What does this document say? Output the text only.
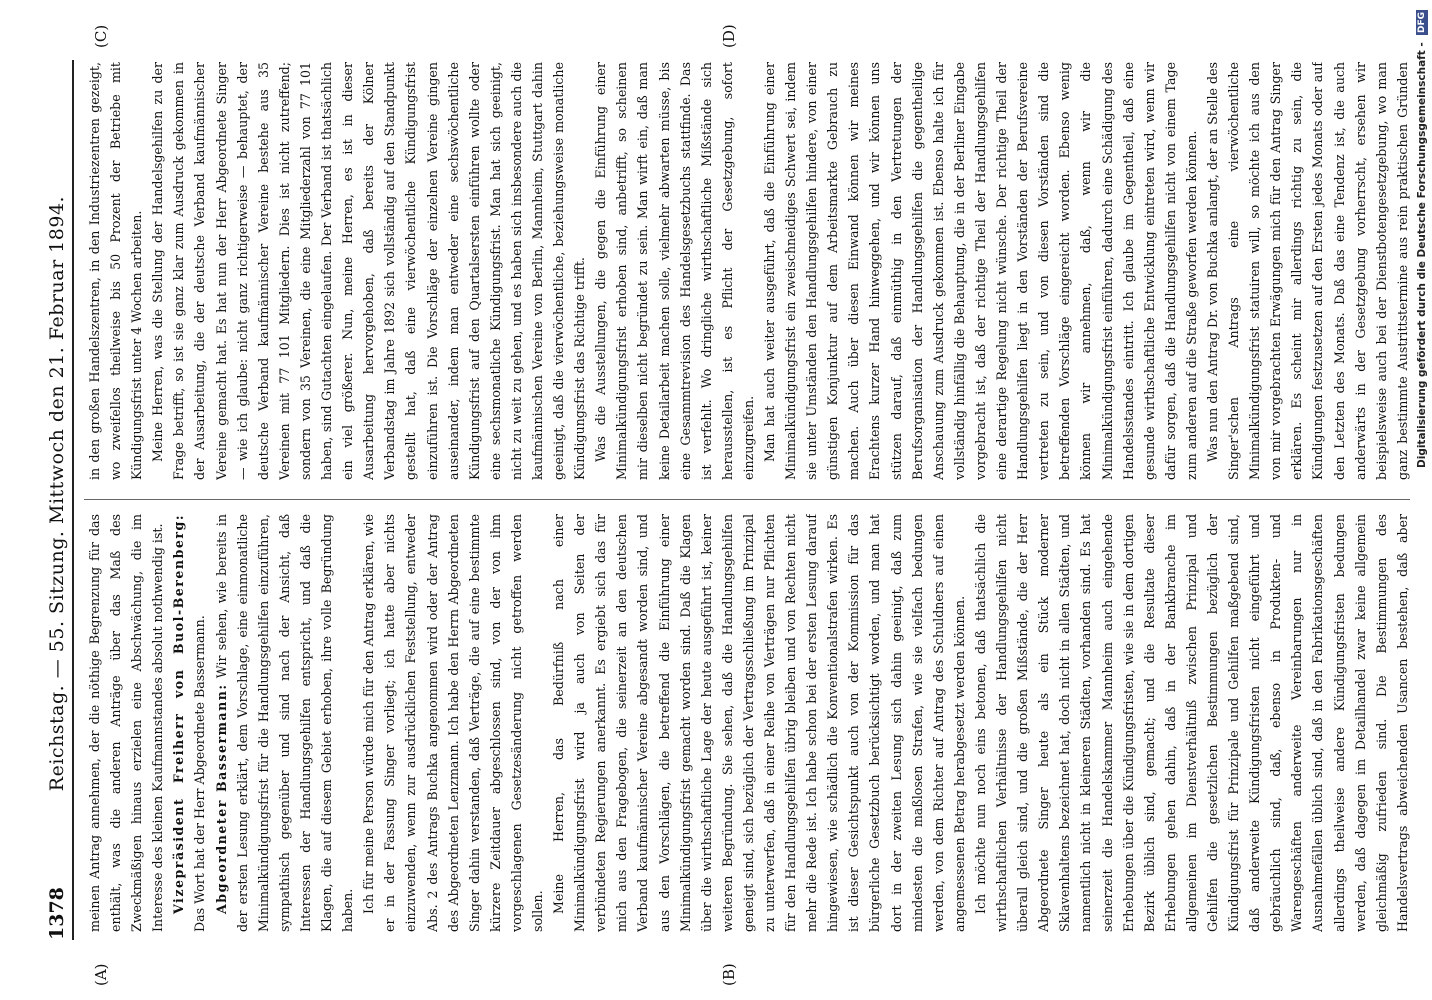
1378
Reichstag. — 55. Sitzung. Mittwoch den 21. Februar 1894.
(A)	(B)
(C)	(D)

meinen Antrag annehmen, der die nöthige Begrenzung für das enthält, was die anderen Anträge über das Maß des Zweckmäßigen hinaus erzielen eine Abschwächung, die im Interesse des kleinen Kaufmannstandes absolut nothwendig ist. Vizepräsident Freiherr von Buol-Berenberg: Das Wort hat der Herr Abgeordnete Bassermann. Abgeordneter Bassermann: Wir sehen, wie bereits in der ersten Lesung erklärt, dem Vorschlage, eine einmonatliche Minimalkündigungsfrist für die Handlungsgehilfen einzuführen, sympathisch gegenüber und sind nach der Ansicht, daß Interessen der Handlungsgehilfen entspricht, und daß die Klagen, die auf diesem Gebiet erhoben, ihre volle Begründung haben. Ich für meine Person würde mich für den Antrag erklären, wie er in der Fassung Singer vorliegt; ich hatte aber nichts einzuwenden, wenn zur ausdrücklichen Feststellung, entweder Abs. 2 des Antrags Buchka angenommen wird oder der Antrag des Abgeordneten Lenzmann. Ich habe den Herrn Abgeordneten Singer dahin verstanden, daß Verträge, die auf eine bestimmte kürzere Zeitdauer abgeschlossen sind, von der von ihm vorgeschlagenen Gesetzesänderung nicht getroffen werden sollen. Meine Herren, das Bedürfniß nach einer Minimalkündigungsfrist wird ja auch von Seiten der verbündeten Regierungen anerkannt. Es ergiebt sich das für mich aus den Fragebogen, die seinerzeit an den deutschen Verband kaufmännischer Vereine abgesandt worden sind, und aus den Vorschlägen, die betreffend die Einführung einer Minimalkündigungsfrist gemacht worden sind. Daß die Klagen über die wirthschaftliche Lage der heute ausgeführt ist, keiner weiteren Begründung. Sie sehen, daß die Handlungsgehilfen geneigt sind, sich bezüglich der Vertragsschließung im Prinzipal zu unterwerfen, daß in einer Reihe von Verträgen nur Pflichten für den Handlungsgehilfen übrig bleiben und von Rechten nicht mehr die Rede ist. Ich habe schon bei der ersten Lesung darauf hingewiesen, wie schädlich die Konventionalstrafen wirken. Es ist dieser Gesichtspunkt auch von der Kommission für das bürgerliche Gesetzbuch berücksichtigt worden, und man hat dort in der zweiten Lesung sich dahin geeinigt, daß zum mindesten die maßlosen Strafen, wie sie vielfach bedungen werden, von dem Richter auf Antrag des Schuldners auf einen angemessenen Betrag herabgesetzt werden können. Ich möchte nun noch eins betonen, daß thatsächlich die wirthschaftlichen Verhältnisse der Handlungsgehilfen nicht überall gleich sind, und die großen Mißstände, die der Herr Abgeordnete Singer heute als ein Stück moderner Sklavenhaltens bezeichnet hat, doch nicht in allen Städten, und namentlich nicht in kleineren Städten, vorhanden sind. Es hat seinerzeit die Handelskammer Mannheim auch eingehende Erhebungen über die Kündigungsfristen, wie sie in dem dortigen Bezirk üblich sind, gemacht; und die Resultate dieser Erhebungen gehen dahin, daß in der Bankbranche im allgemeinen im Dienstverhältniß zwischen Prinzipal und Gehilfen die gesetzlichen Bestimmungen bezüglich der Kündigungsfrist für Prinzipale und Gehilfen maßgebend sind, daß anderweite Kündigungsfristen nicht eingeführt und gebräuchlich sind, daß, ebenso in Produkten- und Warengeschäften anderweite Vereinbarungen nur in Ausnahmefällen üblich sind, daß in den Fabrikationsgeschäften allerdings theilweise andere Kündigungsfristen bedungen werden, daß dagegen im Detailhandel zwar keine allgemein gleichmäßig zufrieden sind. Die Bestimmungen des Handelsvertrags abweichenden Usancen bestehen, daß aber

in den großen Handelszentren, in den Industriezentren gezeigt, wo zweifellos theilweise bis 50 Prozent der Betriebe mit Kündigungsfrist unter 4 Wochen arbeiten. Meine Herren, was die Stellung der Handelsgehilfen zu der Frage betrifft, so ist sie ganz klar zum Ausdruck gekommen in der Ausarbeitung, die der deutsche Verband kaufmännischer Vereine gemacht hat. Es hat nun der Herr Abgeordnete Singer — wie ich glaube: nicht ganz richtigerweise — behauptet, der deutsche Verband kaufmännischer Vereine bestehe aus 35 Vereinen mit 77 101 Mitgliedern. Dies ist nicht zutreffend; sondern von 35 Vereinen, die eine Mitgliederzahl von 77 101 haben, sind Gutachten eingelaufen. Der Verband ist thatsächlich ein viel größerer. Nun, meine Herren, es ist in dieser Ausarbeitung hervorgehoben, daß bereits der Kölner Verbandstag im Jahre 1892 sich vollständig auf den Standpunkt gestellt hat, daß eine vierwöchentliche Kündigungsfrist einzuführen ist. Die Vorschläge der einzelnen Vereine gingen auseinander, indem man entweder eine sechswöchentliche Kündigungsfrist auf den Quartalsersten einführen wollte oder eine sechsmonatliche Kündigungsfrist. Man hat sich geeinigt, nicht zu weit zu gehen, und es haben sich insbesondere auch die kaufmännischen Vereine von Berlin, Mannheim, Stuttgart dahin geeinigt, daß die vierwöchentliche, beziehungsweise monatliche Kündigungsfrist das Richtige trifft. Was die Ausstellungen, die gegen die Einführung einer Minimalkündigungsfrist erhoben sind, anbetrifft, so scheinen mir dieselben nicht begründet zu sein. Man wirft ein, daß man keine Detailarbeit machen solle, vielmehr abwarten müsse, bis eine Gesammtrevision des Handelsgesetzbuchs stattfinde. Das ist verfehlt. Wo dringliche wirthschaftliche Mißstände sich herausstellen, ist es Pflicht der Gesetzgebung, sofort einzugreifen. Man hat auch weiter ausgeführt, daß die Einführung einer Minimalkündigungsfrist ein zweischneidiges Schwert sei, indem sie unter Umständen den Handlungsgehilfen hindere, von einer günstigen Konjunktur auf dem Arbeitsmarkte Gebrauch zu machen. Auch über diesen Einwand können wir meines Erachtens kurzer Hand hinweggehen, und wir können uns stützen darauf, daß einmüthig in den Vertretungen der Berufsorganisation der Handlungsgehilfen die gegentheilige Anschauung zum Ausdruck gekommen ist. Ebenso halte ich für vollständig hinfällig die Behauptung, die in der Berliner Eingabe vorgebracht ist, daß der richtige Theil der Handlungsgehilfen eine derartige Regelung nicht wünsche. Der richtige Theil der Handlungsgehilfen liegt in den Vorständen der Berufsvereine vertreten zu sein, und von diesen Vorständen sind die betreffenden Vorschläge eingereicht worden. Ebenso wenig können wir annehmen, daß, wenn wir die Minimalkündigungsfrist einführen, dadurch eine Schädigung des Handelsstandes eintritt. Ich glaube im Gegentheil, daß eine gesunde wirthschaftliche Entwicklung eintreten wird, wenn wir dafür sorgen, daß die Handlungsgehilfen nicht von einem Tage zum anderen auf die Straße geworfen werden können. Was nun den Antrag Dr. von Buchka anlangt, der an Stelle des Singer'schen Antrags eine vierwöchentliche Minimalkündigungsfrist statuiren will, so möchte ich aus den von mir vorgebrachten Erwägungen mich für den Antrag Singer erklären. Es scheint mir allerdings richtig zu sein, die Kündigungen festzusetzen auf den Ersten jedes Monats oder auf den Letzten des Monats. Daß das eine Tendenz ist, die auch anderwärts in der Gesetzgebung vorherrscht, ersehen wir beispielsweise auch bei der Dienstbotengesetzgebung, wo man ganz bestimmte Austrittstermine aus rein praktischen Gründen Digitalisierung gefördert durch die Deutsche Forschungsgemeinschaft - DFG
